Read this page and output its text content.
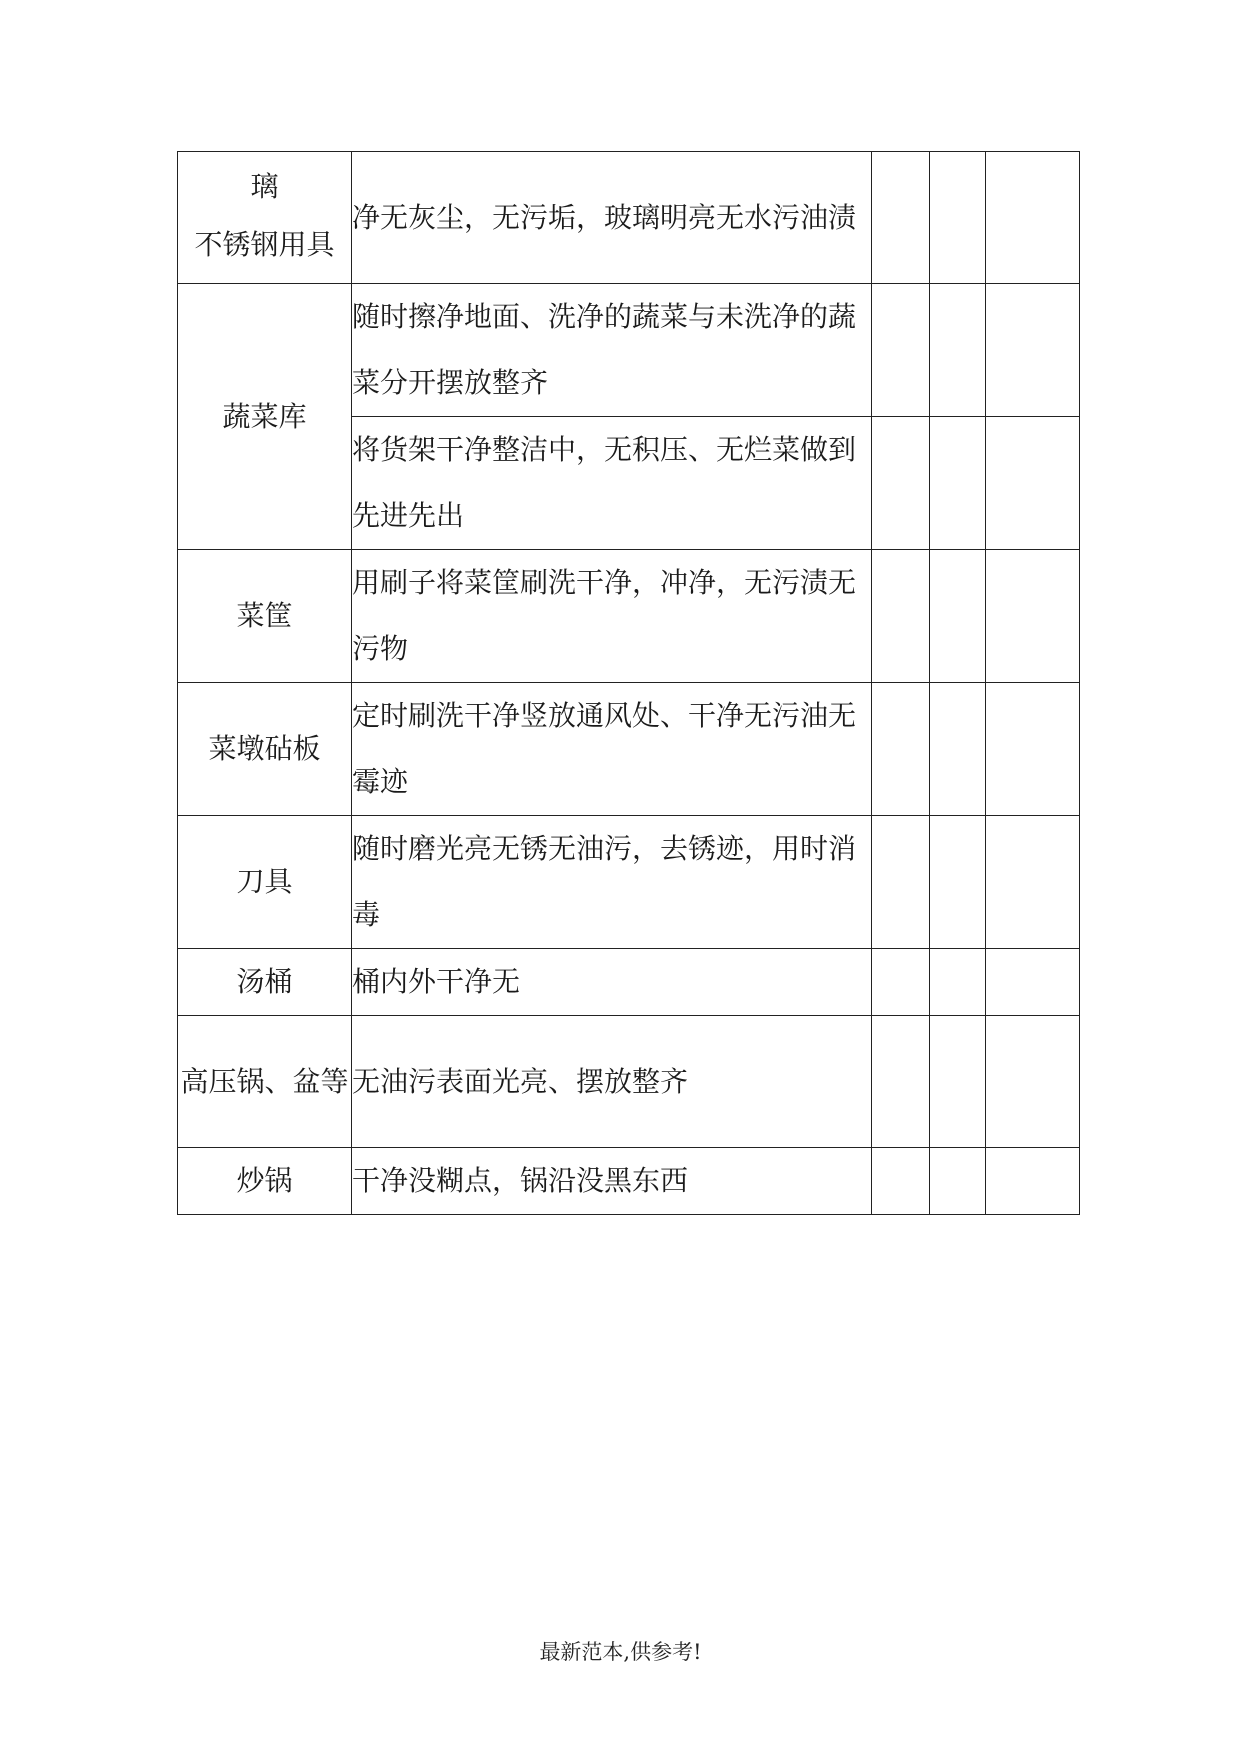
璃
不锈钢用具	净无灰尘，无污垢，玻璃明亮无水污油渍			
蔬菜库	随时擦净地面、洗净的蔬菜与未洗净的蔬菜分开摆放整齐			
	将货架干净整洁中，无积压、无烂菜做到先进先出			
菜筐	用刷子将菜筐刷洗干净，冲净，无污渍无污物			
菜墩砧板	定时刷洗干净竖放通风处、干净无污油无霉迹			
刀具	随时磨光亮无锈无油污，去锈迹，用时消毒			
汤桶	桶内外干净无			
高压锅、盆等	无油污表面光亮、摆放整齐			
炒锅	干净没糊点，锅沿没黑东西			
最新范本,供参考!
